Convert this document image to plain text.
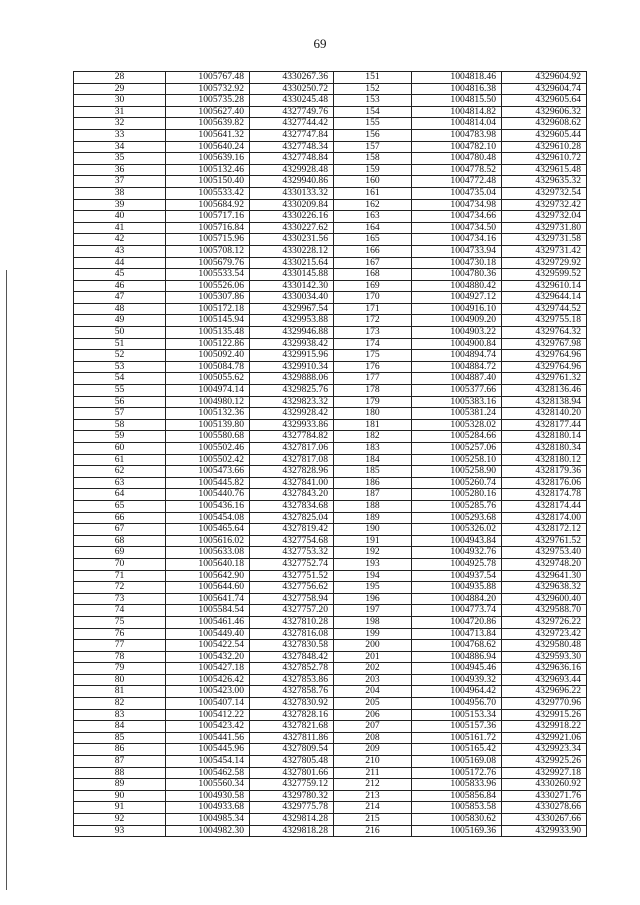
69
28	1005767.48	4330267.36	151	1004818.46	4329604.92
29	1005732.92	4330250.72	152	1004816.38	4329604.74
30	1005735.28	4330245.48	153	1004815.50	4329605.64
31	1005627.40	4327749.76	154	1004814.82	4329606.32
32	1005639.82	4327744.42	155	1004814.04	4329608.62
33	1005641.32	4327747.84	156	1004783.98	4329605.44
34	1005640.24	4327748.34	157	1004782.10	4329610.28
35	1005639.16	4327748.84	158	1004780.48	4329610.72
36	1005132.46	4329928.48	159	1004778.52	4329615.48
37	1005150.40	4329940.86	160	1004772.48	4329635.32
38	1005533.42	4330133.32	161	1004735.04	4329732.54
39	1005684.92	4330209.84	162	1004734.98	4329732.42
40	1005717.16	4330226.16	163	1004734.66	4329732.04
41	1005716.84	4330227.62	164	1004734.50	4329731.80
42	1005715.96	4330231.56	165	1004734.16	4329731.58
43	1005708.12	4330228.12	166	1004733.94	4329731.42
44	1005679.76	4330215.64	167	1004730.18	4329729.92
45	1005533.54	4330145.88	168	1004780.36	4329599.52
46	1005526.06	4330142.30	169	1004880.42	4329610.14
47	1005307.86	4330034.40	170	1004927.12	4329644.14
48	1005172.18	4329967.54	171	1004916.10	4329744.52
49	1005145.94	4329953.88	172	1004909.20	4329755.18
50	1005135.48	4329946.88	173	1004903.22	4329764.32
51	1005122.86	4329938.42	174	1004900.84	4329767.98
52	1005092.40	4329915.96	175	1004894.74	4329764.96
53	1005084.78	4329910.34	176	1004884.72	4329764.96
54	1005055.62	4329888.06	177	1004887.40	4329761.32
55	1004974.14	4329825.76	178	1005377.66	4328136.46
56	1004980.12	4329823.32	179	1005383.16	4328138.94
57	1005132.36	4329928.42	180	1005381.24	4328140.20
58	1005139.80	4329933.86	181	1005328.02	4328177.44
59	1005580.68	4327784.82	182	1005284.66	4328180.14
60	1005502.46	4327817.06	183	1005257.06	4328180.34
61	1005502.42	4327817.08	184	1005258.10	4328180.12
62	1005473.66	4327828.96	185	1005258.90	4328179.36
63	1005445.82	4327841.00	186	1005260.74	4328176.06
64	1005440.76	4327843.20	187	1005280.16	4328174.78
65	1005436.16	4327834.68	188	1005285.76	4328174.44
66	1005454.08	4327825.04	189	1005293.68	4328174.00
67	1005465.64	4327819.42	190	1005326.02	4328172.12
68	1005616.02	4327754.68	191	1004943.84	4329761.52
69	1005633.08	4327753.32	192	1004932.76	4329753.40
70	1005640.18	4327752.74	193	1004925.78	4329748.20
71	1005642.90	4327751.52	194	1004937.54	4329641.30
72	1005644.60	4327756.62	195	1004935.88	4329638.32
73	1005641.74	4327758.94	196	1004884.20	4329600.40
74	1005584.54	4327757.20	197	1004773.74	4329588.70
75	1005461.46	4327810.28	198	1004720.86	4329726.22
76	1005449.40	4327816.08	199	1004713.84	4329723.42
77	1005422.54	4327830.58	200	1004768.62	4329580.48
78	1005432.20	4327848.42	201	1004886.94	4329593.30
79	1005427.18	4327852.78	202	1004945.46	4329636.16
80	1005426.42	4327853.86	203	1004939.32	4329693.44
81	1005423.00	4327858.76	204	1004964.42	4329696.22
82	1005407.14	4327830.92	205	1004956.70	4329770.96
83	1005412.22	4327828.16	206	1005153.34	4329915.26
84	1005423.42	4327821.68	207	1005157.36	4329918.22
85	1005441.56	4327811.86	208	1005161.72	4329921.06
86	1005445.96	4327809.54	209	1005165.42	4329923.34
87	1005454.14	4327805.48	210	1005169.08	4329925.26
88	1005462.58	4327801.66	211	1005172.76	4329927.18
89	1005560.34	4327759.12	212	1005833.96	4330260.92
90	1004930.58	4329780.32	213	1005856.84	4330271.76
91	1004933.68	4329775.78	214	1005853.58	4330278.66
92	1004985.34	4329814.28	215	1005830.62	4330267.66
93	1004982.30	4329818.28	216	1005169.36	4329933.90
